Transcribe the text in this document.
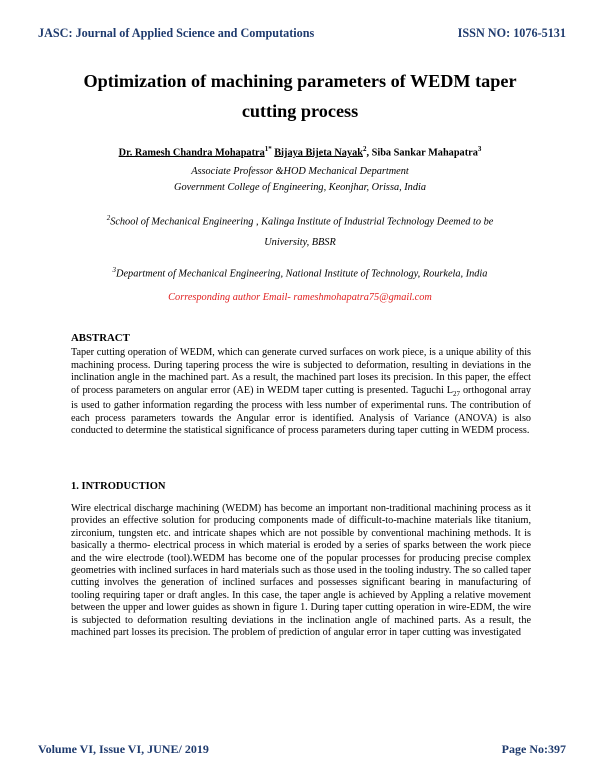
JASC: Journal of Applied Science and Computations	ISSN NO: 1076-5131
Optimization of machining parameters of WEDM taper
cutting process
Dr. Ramesh Chandra Mohapatra$^{1*}$ Bijaya Bijeta Nayak$^2$, Siba Sankar Mahapatra$^3$
Associate Professor &HOD Mechanical Department
Government College of Engineering, Keonjhar, Orissa, India
$^2$School of Mechanical Engineering , Kalinga Institute of Industrial Technology Deemed to be
University, BBSR
$^3$Department of Mechanical Engineering, National Institute of Technology, Rourkela, India
Corresponding author Email- rameshmohapatra75@gmail.com
ABSTRACT
Taper cutting operation of WEDM, which can generate curved surfaces on work piece, is a unique ability of this machining process. During tapering process the wire is subjected to deformation, resulting in deviations in the inclination angle in the machined part. As a result, the machined part loses its precision. In this paper, the effect of process parameters on angular error (AE) in WEDM taper cutting is presented. Taguchi $L_{27}$ orthogonal array is used to gather information regarding the process with less number of experimental runs. The contribution of each process parameters towards the Angular error is identified. Analysis of Variance (ANOVA) is also conducted to determine the statistical significance of process parameters during taper cutting in WEDM process.
1. INTRODUCTION
Wire electrical discharge machining (WEDM) has become an important non-traditional machining process as it provides an effective solution for producing components made of difficult-to-machine materials like titanium, zirconium, tungsten etc. and intricate shapes which are not possible by conventional machining methods. It is basically a thermo- electrical process in which material is eroded by a series of sparks between the work piece and the wire electrode (tool).WEDM has become one of the popular processes for producing precise complex geometries with inclined surfaces in hard materials such as those used in the tooling industry. The so called taper cutting involves the generation of inclined surfaces and possesses significant bearing in manufacturing of tooling requiring taper or draft angles. In this case, the taper angle is achieved by Appling a relative movement between the upper and lower guides as shown in figure 1. During taper cutting operation in wire-EDM, the wire is subjected to deformation resulting deviations in the inclination angle of machined parts. As a result, the machined part losses its precision. The problem of prediction of angular error in taper cutting was investigated
Volume VI, Issue VI, JUNE/ 2019	Page No:397
